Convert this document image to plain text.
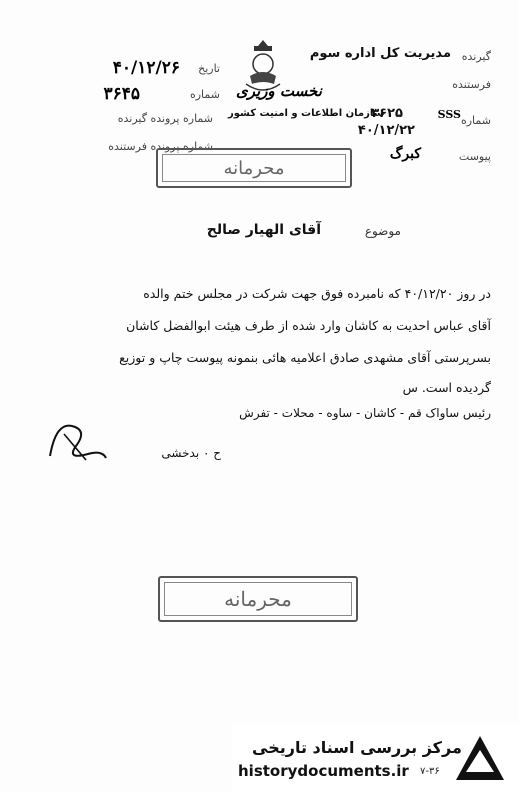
تاریخ
۴۰/۱۲/۲۶
شماره
۳۶۴۵
شماره پرونده گیرنده
شماره پرونده فرستنده
نخست وزیری
سازمان اطلاعات و امنیت کشور
گیرنده
مدیریت کل اداره سوم
فرستنده
شماره
SSS
۳۶۲۵
۴۰/۱۲/۲۲
پیوست
کبرگ
محرمانه
موضوع
آقای الهیار صالح
در روز ۴۰/۱۲/۲۰ که نامبرده فوق جهت شرکت در مجلس ختم والده
آقای عباس احدیت به کاشان وارد شده از طرف هیئت ابوالفضل کاشان
بسرپرستی آقای مشهدی صادق اعلامیه هائی بنمونه پیوست چاپ و توزیع
گردیده است. س
رئیس ساواک قم - کاشان - ساوه - محلات - تفرش
ح ۰ بدخشی
محرمانه
مرکز بررسی اسناد تاریخی
historydocuments.ir ۷-۳۶
